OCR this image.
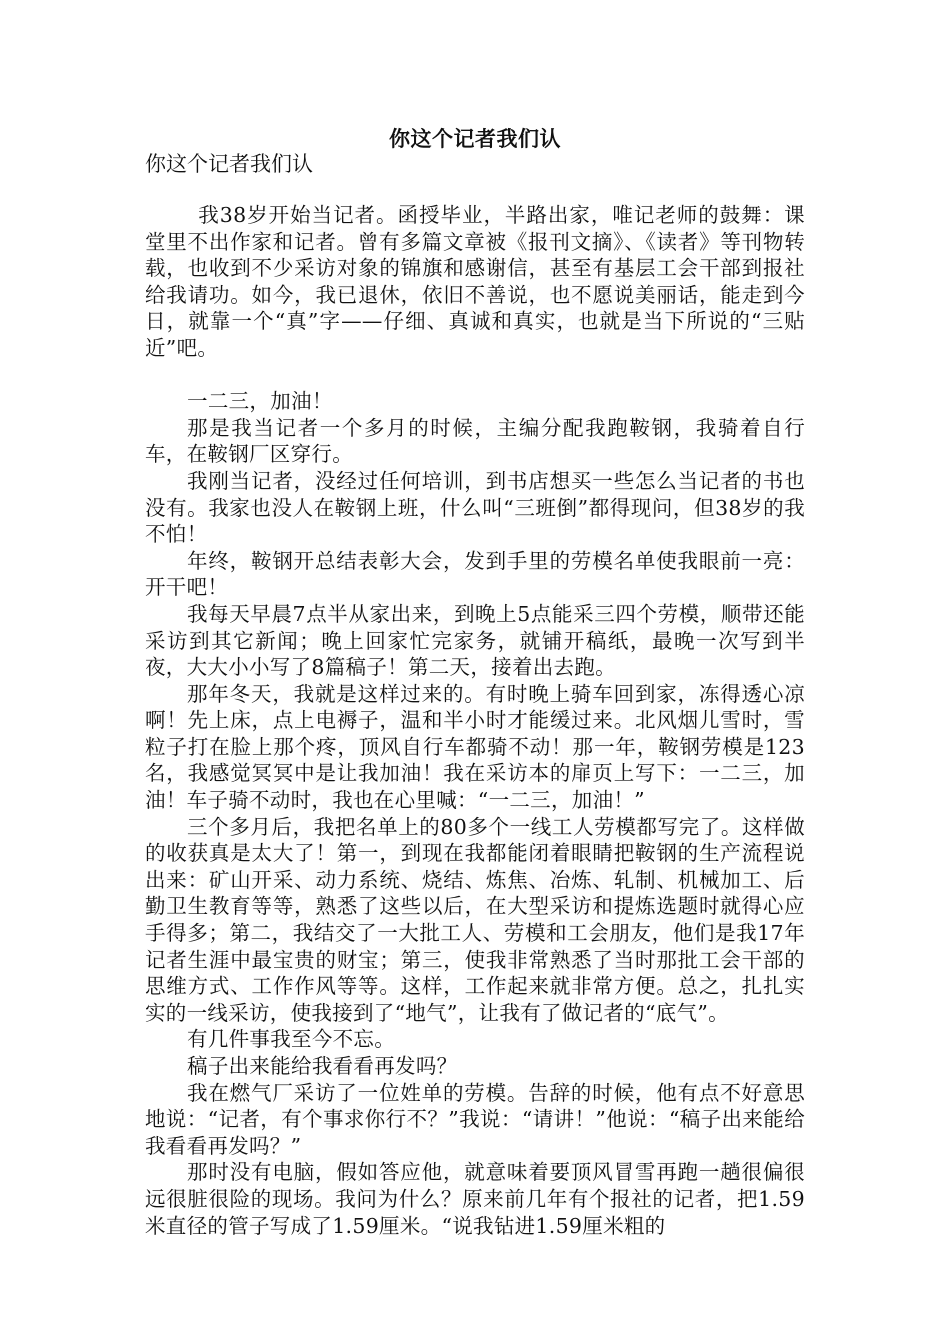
你这个记者我们认
你这个记者我们认

我38岁开始当记者。函授毕业，半路出家，唯记老师的鼓舞：课堂里不出作家和记者。曾有多篇文章被《报刊文摘》、《读者》等刊物转载，也收到不少采访对象的锦旗和感谢信，甚至有基层工会干部到报社给我请功。如今，我已退休，依旧不善说，也不愿说美丽话，能走到今日，就靠一个“真”字——仔细、真诚和真实，也就是当下所说的“三贴近”吧。

一二三，加油！

那是我当记者一个多月的时候，主编分配我跑鞍钢，我骑着自行车，在鞍钢厂区穿行。

我刚当记者，没经过任何培训，到书店想买一些怎么当记者的书也没有。我家也没人在鞍钢上班，什么叫“三班倒”都得现问，但38岁的我不怕！

年终，鞍钢开总结表彰大会，发到手里的劳模名单使我眼前一亮：开干吧！

我每天早晨7点半从家出来，到晚上5点能采三四个劳模，顺带还能采访到其它新闻；晚上回家忙完家务，就铺开稿纸，最晚一次写到半夜，大大小小写了8篇稿子！第二天，接着出去跑。

那年冬天，我就是这样过来的。有时晚上骑车回到家，冻得透心凉啊！先上床，点上电褥子，温和半小时才能缓过来。北风烟儿雪时，雪粒子打在脸上那个疼，顶风自行车都骑不动！那一年，鞍钢劳模是123名，我感觉冥冥中是让我加油！我在采访本的扉页上写下：一二三，加油！车子骑不动时，我也在心里喊：“一二三，加油！”

三个多月后，我把名单上的80多个一线工人劳模都写完了。这样做的收获真是太大了！第一，到现在我都能闭着眼睛把鞍钢的生产流程说出来：矿山开采、动力系统、烧结、炼焦、冶炼、轧制、机械加工、后勤卫生教育等等，熟悉了这些以后，在大型采访和提炼选题时就得心应手得多；第二，我结交了一大批工人、劳模和工会朋友，他们是我17年记者生涯中最宝贵的财宝；第三，使我非常熟悉了当时那批工会干部的思维方式、工作作风等等。这样，工作起来就非常方便。总之，扎扎实实的一线采访，使我接到了“地气”，让我有了做记者的“底气”。

有几件事我至今不忘。

稿子出来能给我看看再发吗？

我在燃气厂采访了一位姓单的劳模。告辞的时候，他有点不好意思地说：“记者，有个事求你行不？”我说：“请讲！”他说：“稿子出来能给我看看再发吗？”

那时没有电脑，假如答应他，就意味着要顶风冒雪再跑一趟很偏很远很脏很险的现场。我问为什么？原来前几年有个报社的记者，把1.59米直径的管子写成了1.59厘米。“说我钻进1.59厘米粗的
